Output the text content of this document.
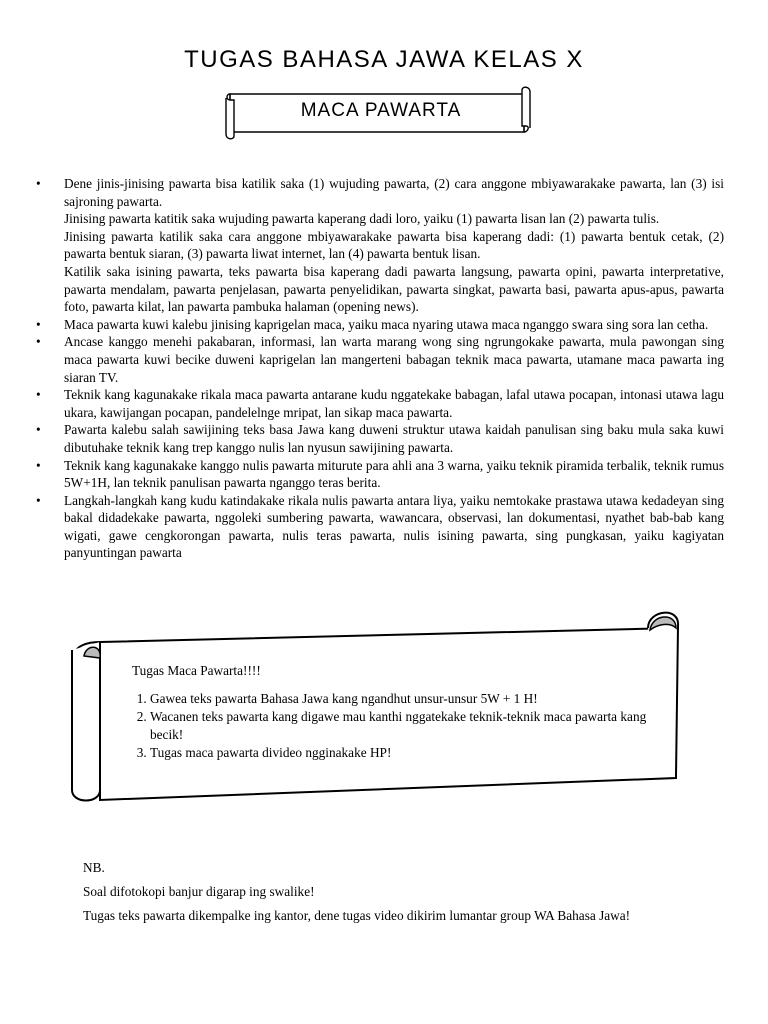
TUGAS BAHASA JAWA KELAS X
MACA PAWARTA
• Dene jinis-jinising pawarta bisa katilik saka (1) wujuding pawarta, (2) cara anggone mbiyawarakake pawarta, lan (3) isi sajroning pawarta.

Jinising pawarta katitik saka wujuding pawarta kaperang dadi loro, yaiku (1) pawarta lisan lan (2) pawarta tulis.

Jinising pawarta katilik saka cara anggone mbiyawarakake pawarta bisa kaperang dadi: (1) pawarta bentuk cetak, (2) pawarta bentuk siaran, (3) pawarta liwat internet, lan (4) pawarta bentuk lisan.

Katilik saka isining pawarta, teks pawarta bisa kaperang dadi pawarta langsung, pawarta opini, pawarta interpretative, pawarta mendalam, pawarta penjelasan, pawarta penyelidikan, pawarta singkat, pawarta basi, pawarta apus-apus, pawarta foto, pawarta kilat, lan pawarta pambuka halaman (opening news).

• Maca pawarta kuwi kalebu jinising kaprigelan maca, yaiku maca nyaring utawa maca nganggo swara sing sora lan cetha.

• Ancase kanggo menehi pakabaran, informasi, lan warta marang wong sing ngrungokake pawarta, mula pawongan sing maca pawarta kuwi becike duweni kaprigelan lan mangerteni babagan teknik maca pawarta, utamane maca pawarta ing siaran TV.

• Teknik kang kagunakake rikala maca pawarta antarane kudu nggatekake babagan, lafal utawa pocapan, intonasi utawa lagu ukara, kawijangan pocapan, pandelelnge mripat, lan sikap maca pawarta.

• Pawarta kalebu salah sawijining teks basa Jawa kang duweni struktur utawa kaidah panulisan sing baku mula saka kuwi dibutuhake teknik kang trep kanggo nulis lan nyusun sawijining pawarta.

• Teknik kang kagunakake kanggo nulis pawarta miturute para ahli ana 3 warna, yaiku teknik piramida terbalik, teknik rumus 5W+1H, lan teknik panulisan pawarta nganggo teras berita.

• Langkah-langkah kang kudu katindakake rikala nulis pawarta antara liya, yaiku nemtokake prastawa utawa kedadeyan sing bakal didadekake pawarta, nggoleki sumbering pawarta, wawancara, observasi, lan dokumentasi, nyathet bab-bab kang wigati, gawe cengkorongan pawarta, nulis teras pawarta, nulis isining pawarta, sing pungkasan, yaiku kagiyatan panyuntingan pawarta

Tugas Maca Pawarta!!!!

1. Gawea teks pawarta Bahasa Jawa kang ngandhut unsur-unsur 5W + 1 H!
2. Wacanen teks pawarta kang digawe mau kanthi nggatekake teknik-teknik maca pawarta kang becik!
3. Tugas maca pawarta divideo ngginakake HP!

NB.

Soal difotokopi banjur digarap ing swalike!

Tugas teks pawarta dikempalke ing kantor, dene tugas video dikirim lumantar group WA Bahasa Jawa!
